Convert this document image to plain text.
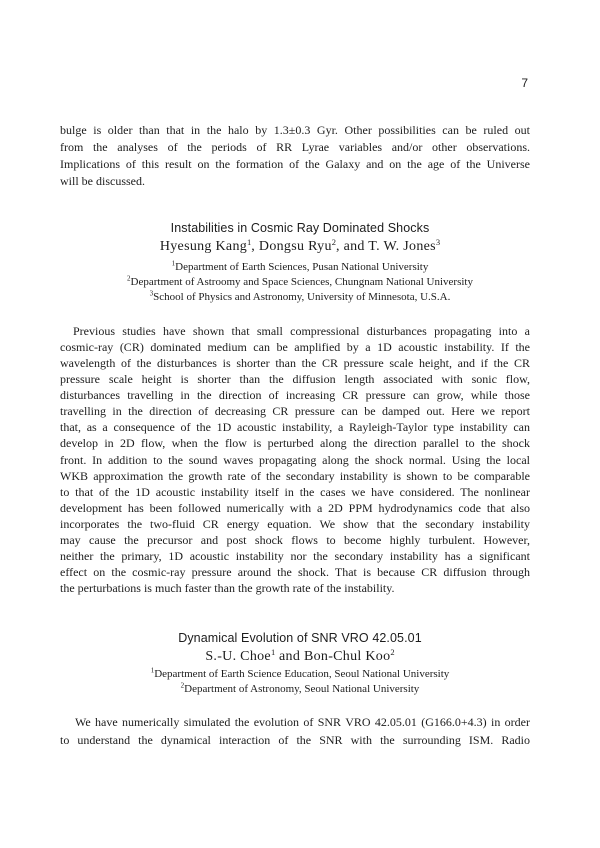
7
bulge is older than that in the halo by 1.3±0.3 Gyr. Other possibilities can be ruled out
from the analyses of the periods of RR Lyrae variables and/or other observations.
Implications of this result on the formation of the Galaxy and on the age of the Universe
will be discussed.
Instabilities in Cosmic Ray Dominated Shocks
Hyesung Kang$^1$, Dongsu Ryu$^2$, and T. W. Jones$^3$
$^1$Department of Earth Sciences, Pusan National University
$^2$Department of Astroomy and Space Sciences, Chungnam National University
$^3$School of Physics and Astronomy, University of Minnesota, U.S.A.
Previous studies have shown that small compressional disturbances propagating into a
cosmic-ray (CR) dominated medium can be amplified by a 1D acoustic instability. If the
wavelength of the disturbances is shorter than the CR pressure scale height, and if the CR
pressure scale height is shorter than the diffusion length associated with sonic flow,
disturbances travelling in the direction of increasing CR pressure can grow, while those
travelling in the direction of decreasing CR pressure can be damped out. Here we report
that, as a consequence of the 1D acoustic instability, a Rayleigh-Taylor type instability can
develop in 2D flow, when the flow is perturbed along the direction parallel to the shock
front. In addition to the sound waves propagating along the shock normal. Using the local
WKB approximation the growth rate of the secondary instability is shown to be comparable
to that of the 1D acoustic instability itself in the cases we have considered. The nonlinear
development has been followed numerically with a 2D PPM hydrodynamics code that also
incorporates the two-fluid CR energy equation. We show that the secondary instability
may cause the precursor and post shock flows to become highly turbulent. However,
neither the primary, 1D acoustic instability nor the secondary instability has a significant
effect on the cosmic-ray pressure around the shock. That is because CR diffusion through
the perturbations is much faster than the growth rate of the instability.
Dynamical Evolution of SNR VRO 42.05.01
S.-U. Choe$^1$ and Bon-Chul Koo$^2$
$^1$Department of Earth Science Education, Seoul National University
$^2$Department of Astronomy, Seoul National University
We have numerically simulated the evolution of SNR VRO 42.05.01 (G166.0+4.3) in order
to understand the dynamical interaction of the SNR with the surrounding ISM. Radio
